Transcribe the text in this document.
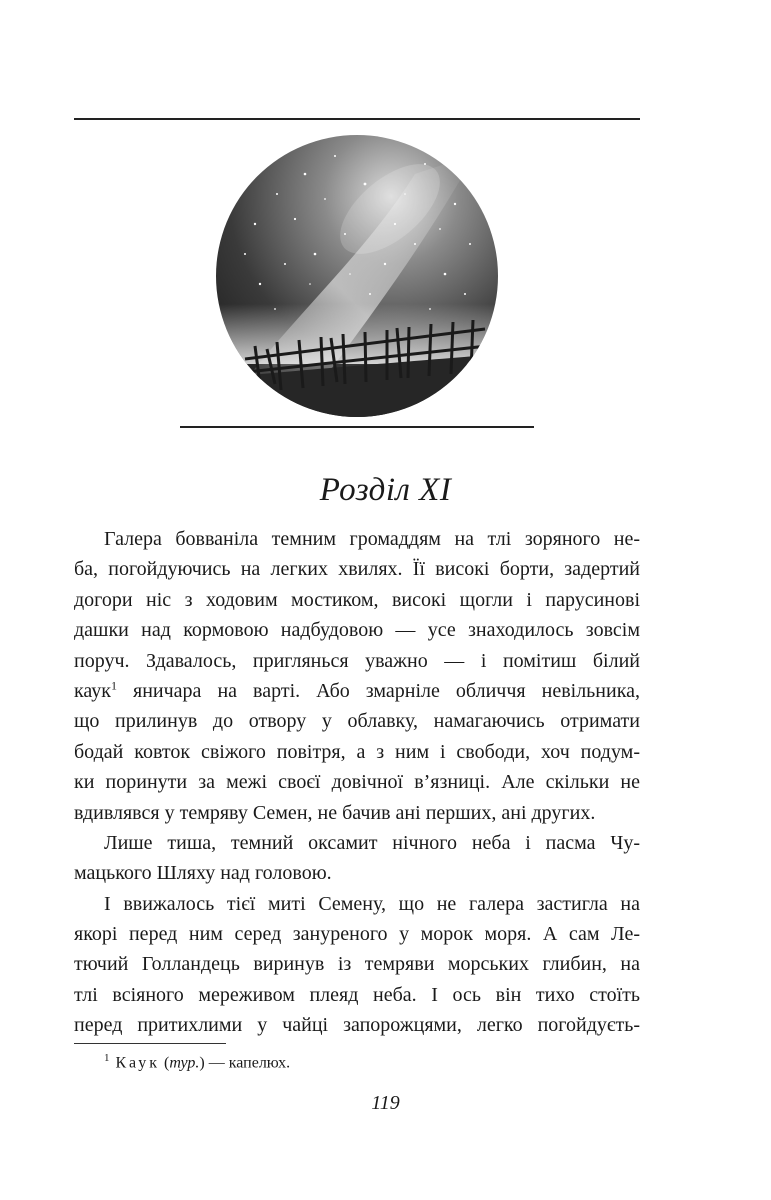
Розділ XI

Галера бовваніла темним громаддям на тлі зоряного не-
ба, погойдуючись на легких хвилях. Її високі борти, задертий
догори ніс з ходовим мостиком, високі щогли і парусинові
дашки над кормовою надбудовою — усе знаходилось зовсім
поруч. Здавалось, приглянься уважно — і помітиш білий
каук$^1$ яничара на варті. Або змарніле обличчя невільника,
що прилинув до отвору у облавку, намагаючись отримати
бодай ковток свіжого повітря, а з ним і свободи, хоч подум-
ки поринути за межі своєї довічної в’язниці. Але скільки не
вдивлявся у темряву Семен, не бачив ані перших, ані других.

Лише тиша, темний оксамит нічного неба і пасма Чу-
мацького Шляху над головою.

І ввижалось тієї миті Семену, що не галера застигла на
якорі перед ним серед зануреного у морок моря. А сам Ле-
тючий Голландець виринув із темряви морських глибин, на
тлі всіяного мереживом плеяд неба. І ось він тихо стоїть
перед притихлими у чайці запорожцями, легко погойдуєть-

$^1$ Каук (тур.) — капелюх.
119
